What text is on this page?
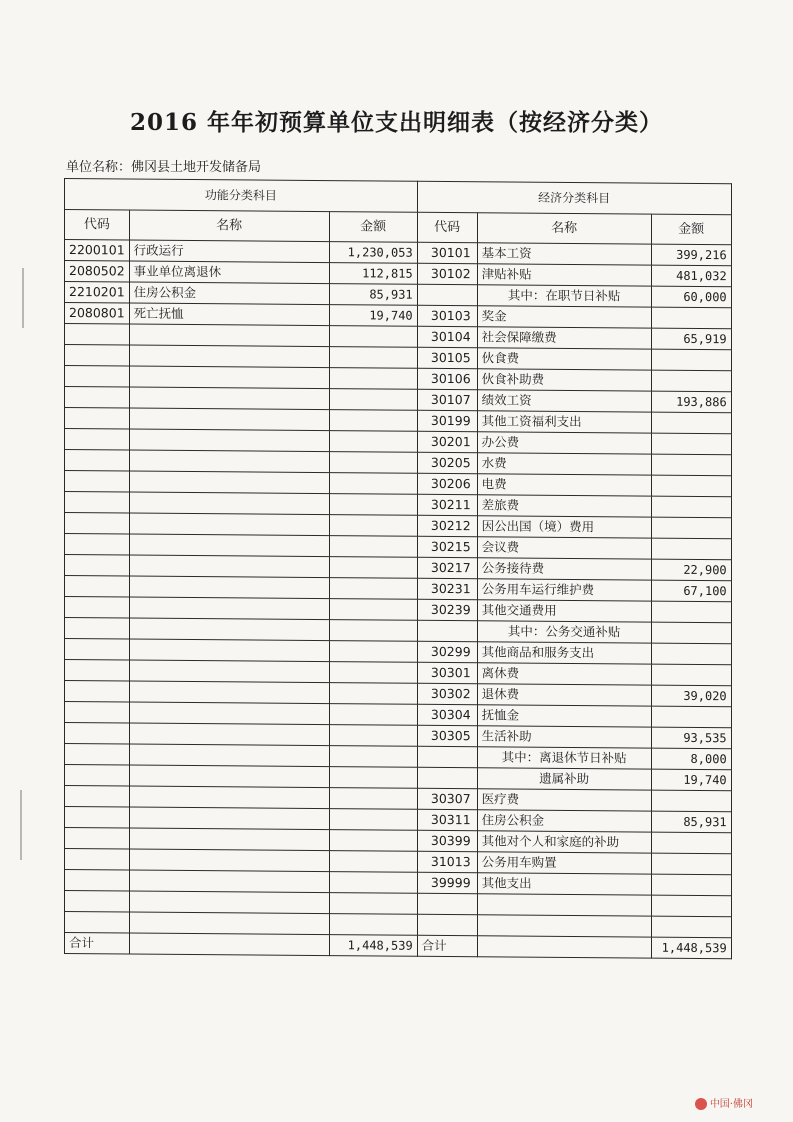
2016 年年初预算单位支出明细表（按经济分类）
单位名称：佛冈县土地开发储备局
功能分类科目			经济分类科目		
代码	名称	金额	代码	名称	金额
2200101	行政运行	1,230,053	30101	基本工资	399,216
2080502	事业单位离退休	112,815	30102	津贴补贴	481,032
2210201	住房公积金	85,931		其中：在职节日补贴	60,000
2080801	死亡抚恤	19,740	30103	奖金	
			30104	社会保障缴费	65,919
			30105	伙食费	
			30106	伙食补助费	
			30107	绩效工资	193,886
			30199	其他工资福利支出	
			30201	办公费	
			30205	水费	
			30206	电费	
			30211	差旅费	
			30212	因公出国（境）费用	
			30215	会议费	
			30217	公务接待费	22,900
			30231	公务用车运行维护费	67,100
			30239	其他交通费用	
				其中：公务交通补贴	
			30299	其他商品和服务支出	
			30301	离休费	
			30302	退休费	39,020
			30304	抚恤金	
			30305	生活补助	93,535
				其中：离退休节日补贴	8,000
				遗属补助	19,740
			30307	医疗费	
			30311	住房公积金	85,931
			30399	其他对个人和家庭的补助	
			31013	公务用车购置	
			39999	其他支出	

合计		1,448,539	合计		1,448,539
中国·佛冈
